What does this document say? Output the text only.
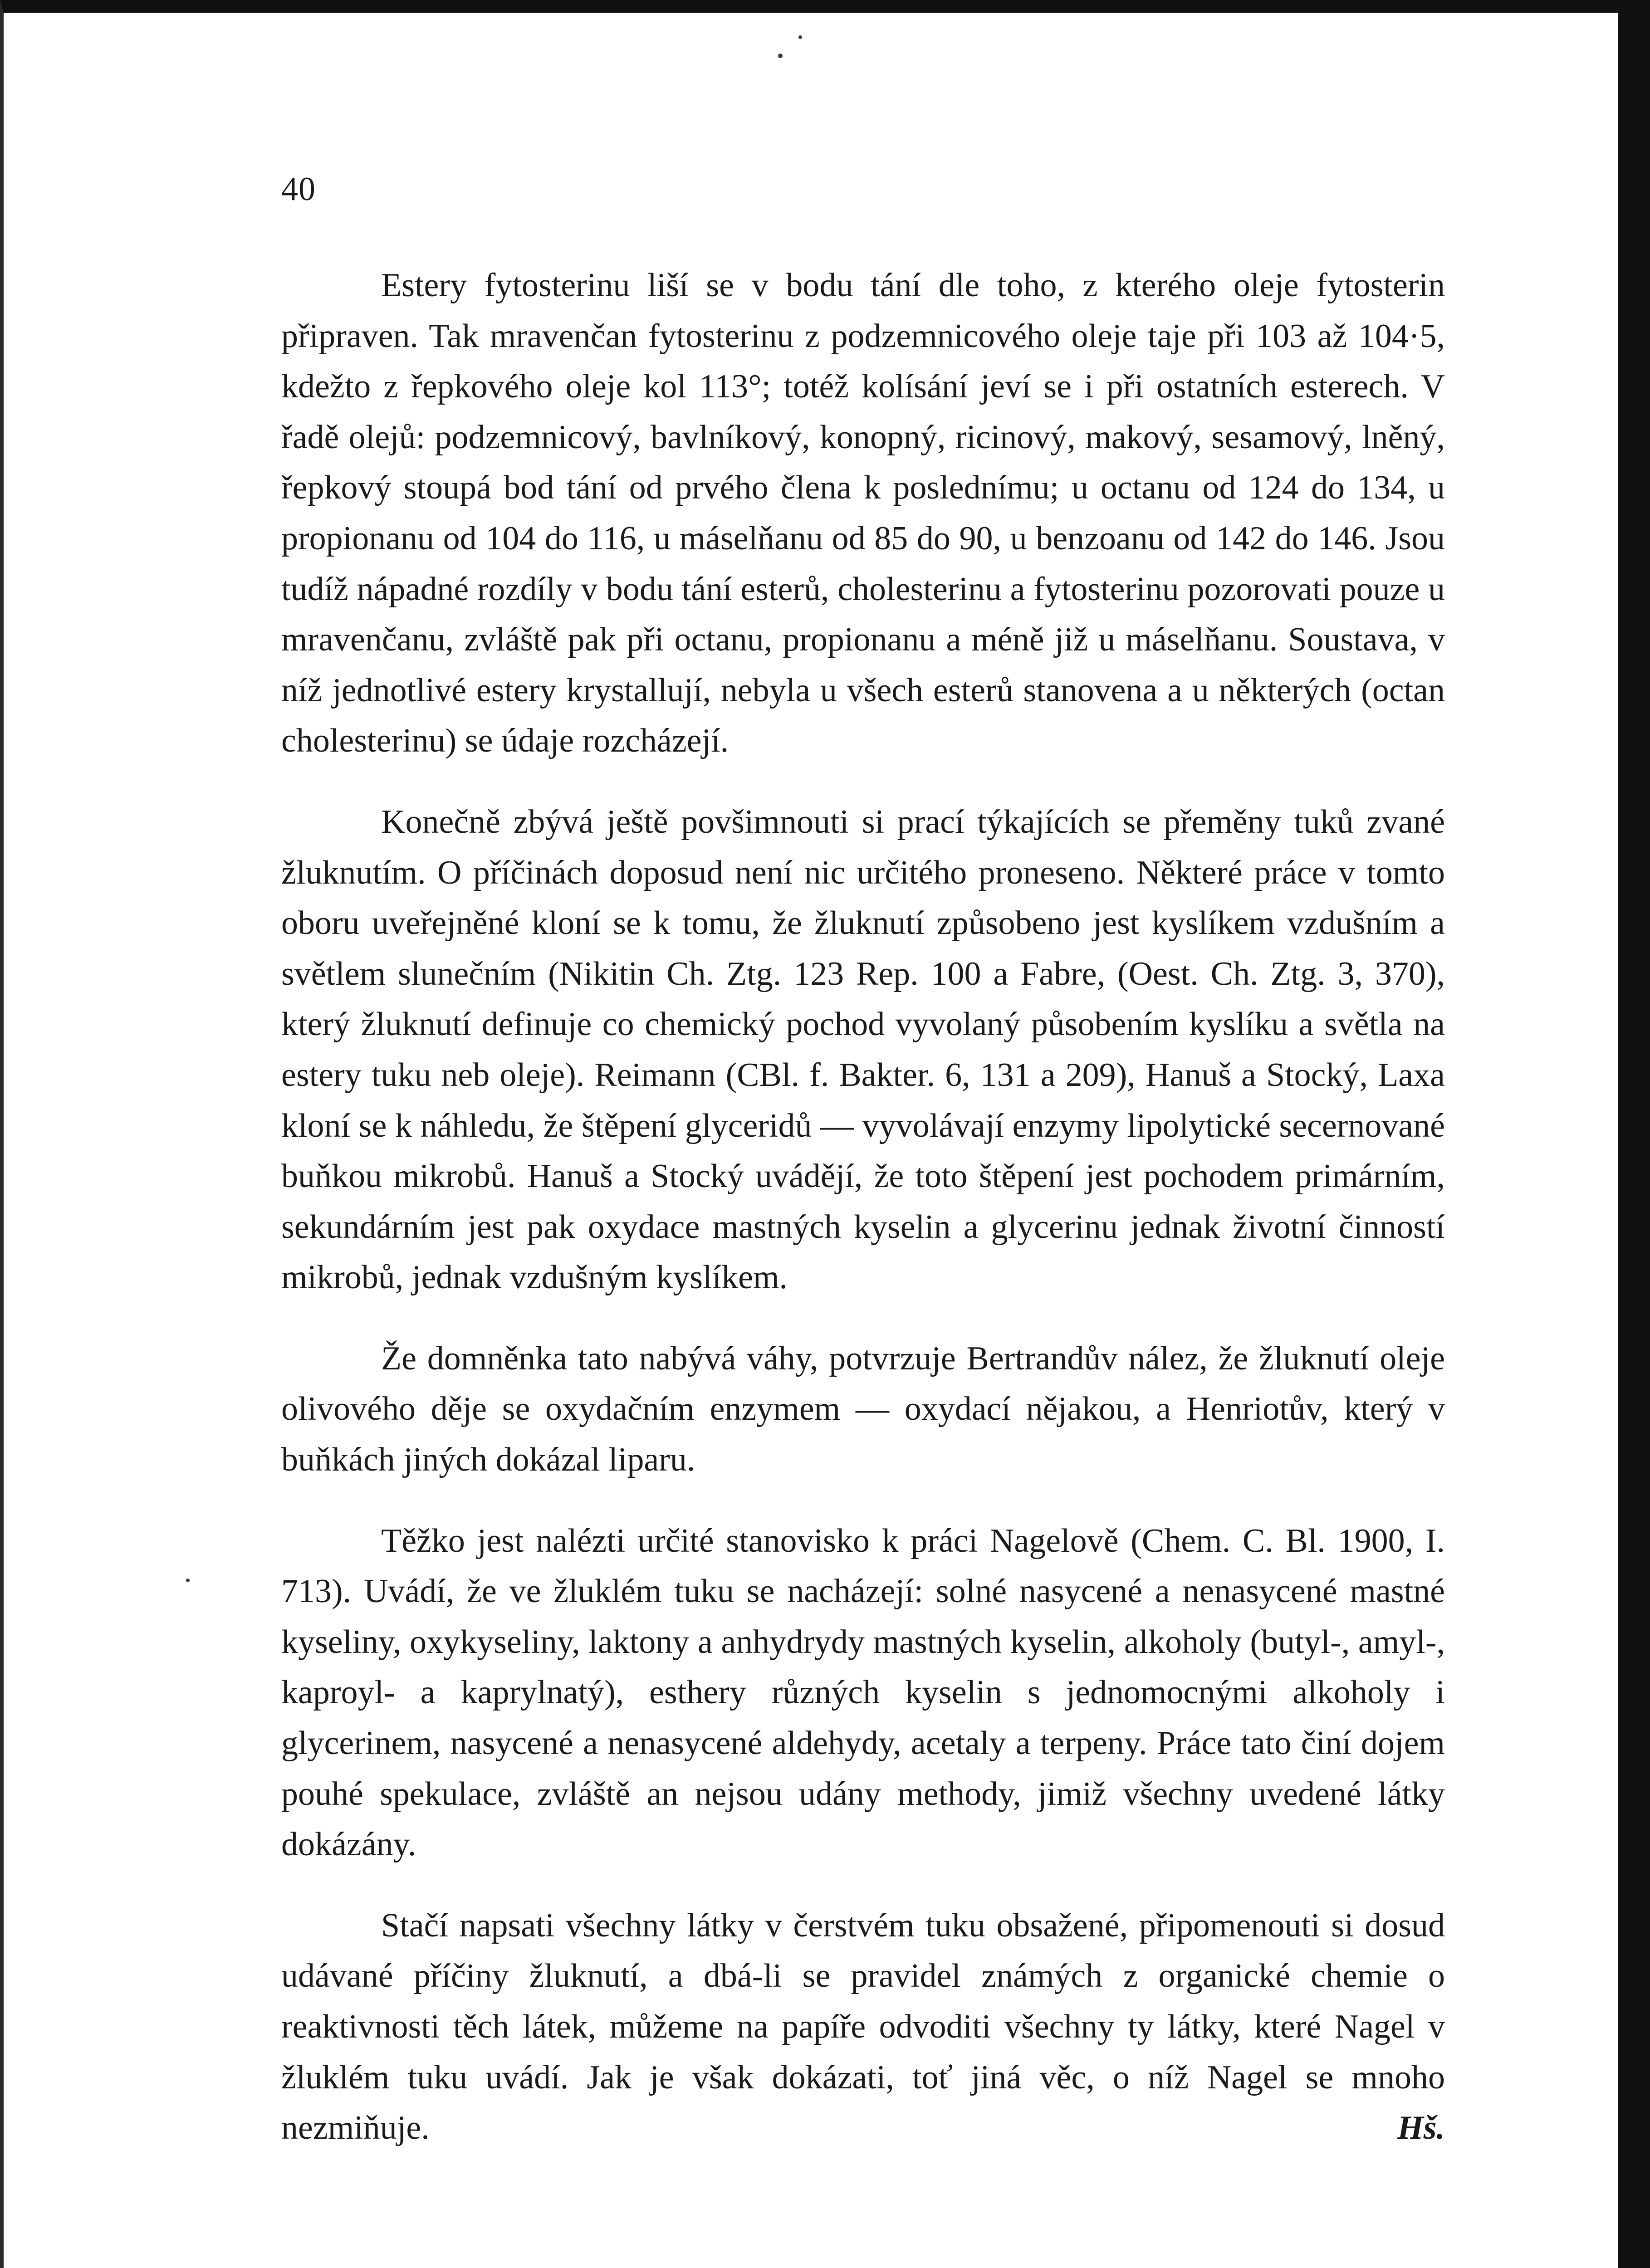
40

Estery fytosterinu liší se v bodu tání dle toho, z kterého oleje fytosterin připraven. Tak mravenčan fytosterinu z podzemnicového oleje taje při 103 až 104·5, kdežto z řepkového oleje kol 113°; totéž kolísání jeví se i při ostatních esterech. V řadě olejů: podzemnicový, bavlníkový, konopný, ricinový, makový, sesamový, lněný, řepkový stoupá bod tání od prvého člena k poslednímu; u octanu od 124 do 134, u propionanu od 104 do 116, u máselňanu od 85 do 90, u benzoanu od 142 do 146. Jsou tudíž nápadné rozdíly v bodu tání esterů, cholesterinu a fytosterinu pozorovati pouze u mravenčanu, zvláště pak při octanu, propionanu a méně již u máselňanu. Soustava, v níž jednotlivé estery krystallují, nebyla u všech esterů stanovena a u některých (octan cholesterinu) se údaje rozcházejí.

Konečně zbývá ještě povšimnouti si prací týkajících se přeměny tuků zvané žluknutím. O příčinách doposud není nic určitého proneseno. Některé práce v tomto oboru uveřejněné kloní se k tomu, že žluknutí způsobeno jest kyslíkem vzdušním a světlem slunečním (Nikitin Ch. Ztg. 123 Rep. 100 a Fabre, (Oest. Ch. Ztg. 3, 370), který žluknutí definuje co chemický pochod vyvolaný působením kyslíku a světla na estery tuku neb oleje). Reimann (CBl. f. Bakter. 6, 131 a 209), Hanuš a Stocký, Laxa kloní se k náhledu, že štěpení glyceridů — vyvolávají enzymy lipolytické secernované buňkou mikrobů. Hanuš a Stocký uvádějí, že toto štěpení jest pochodem primárním, sekundárním jest pak oxydace mastných kyselin a glycerinu jednak životní činností mikrobů, jednak vzdušným kyslíkem.

Že domněnka tato nabývá váhy, potvrzuje Bertrandův nález, že žluknutí oleje olivového děje se oxydačním enzymem — oxydací nějakou, a Henriotův, který v buňkách jiných dokázal liparu.

Těžko jest nalézti určité stanovisko k práci Nagelově (Chem. C. Bl. 1900, I. 713). Uvádí, že ve žluklém tuku se nacházejí: solné nasycené a nenasycené mastné kyseliny, oxykyseliny, laktony a anhydrydy mastných kyselin, alkoholy (butyl-, amyl-, kaproyl- a kaprylnatý), esthery různých kyselin s jednomocnými alkoholy i glycerinem, nasycené a nenasycené aldehydy, acetaly a terpeny. Práce tato činí dojem pouhé spekulace, zvláště an nejsou udány methody, jimiž všechny uvedené látky dokázány.

Stačí napsati všechny látky v čerstvém tuku obsažené, připomenouti si dosud udávané příčiny žluknutí, a dbá-li se pravidel známých z organické chemie o reaktivnosti těch látek, můžeme na papíře odvoditi všechny ty látky, které Nagel v žluklém tuku uvádí. Jak je však dokázati, toť jiná věc, o níž Nagel se mnoho nezmiňuje.	Hš.
